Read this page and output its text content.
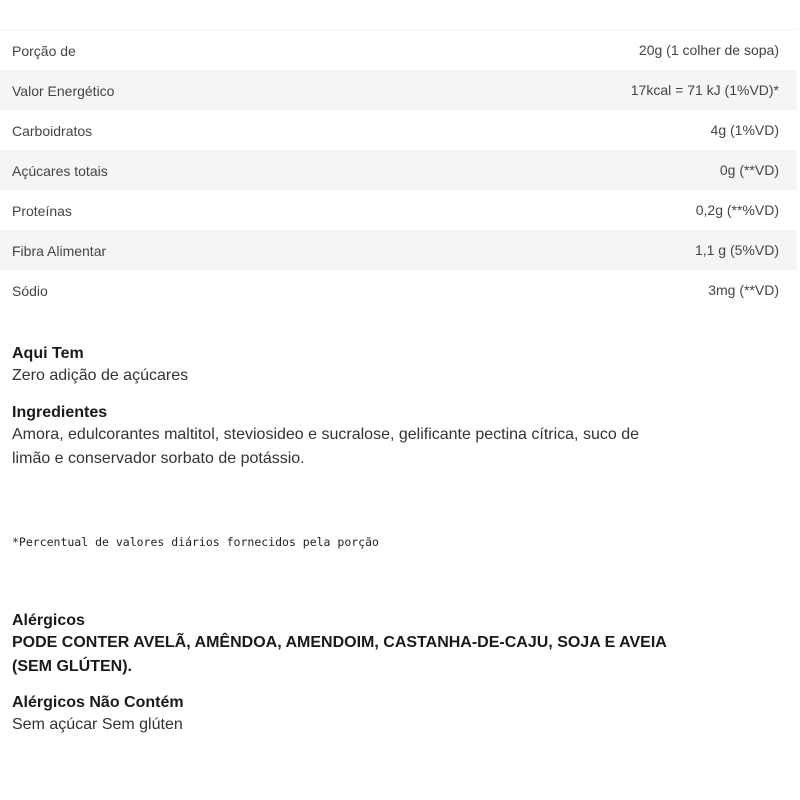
Porção de	20g (1 colher de sopa)
Valor Energético	17kcal = 71 kJ (1%VD)*
Carboidratos	4g (1%VD)
Açúcares totais	0g (**VD)
Proteínas	0,2g (**%VD)
Fibra Alimentar	1,1 g (5%VD)
Sódio	3mg (**VD)
Aqui Tem
Zero adição de açúcares
Ingredientes
Amora, edulcorantes maltitol, steviosideo e sucralose, gelificante pectina cítrica, suco de
limão e conservador sorbato de potássio.
*Percentual de valores diários fornecidos pela porção
Alérgicos
PODE CONTER AVELÃ, AMÊNDOA, AMENDOIM, CASTANHA-DE-CAJU, SOJA E AVEIA
(SEM GLÚTEN).
Alérgicos Não Contém
Sem açúcar Sem glúten
